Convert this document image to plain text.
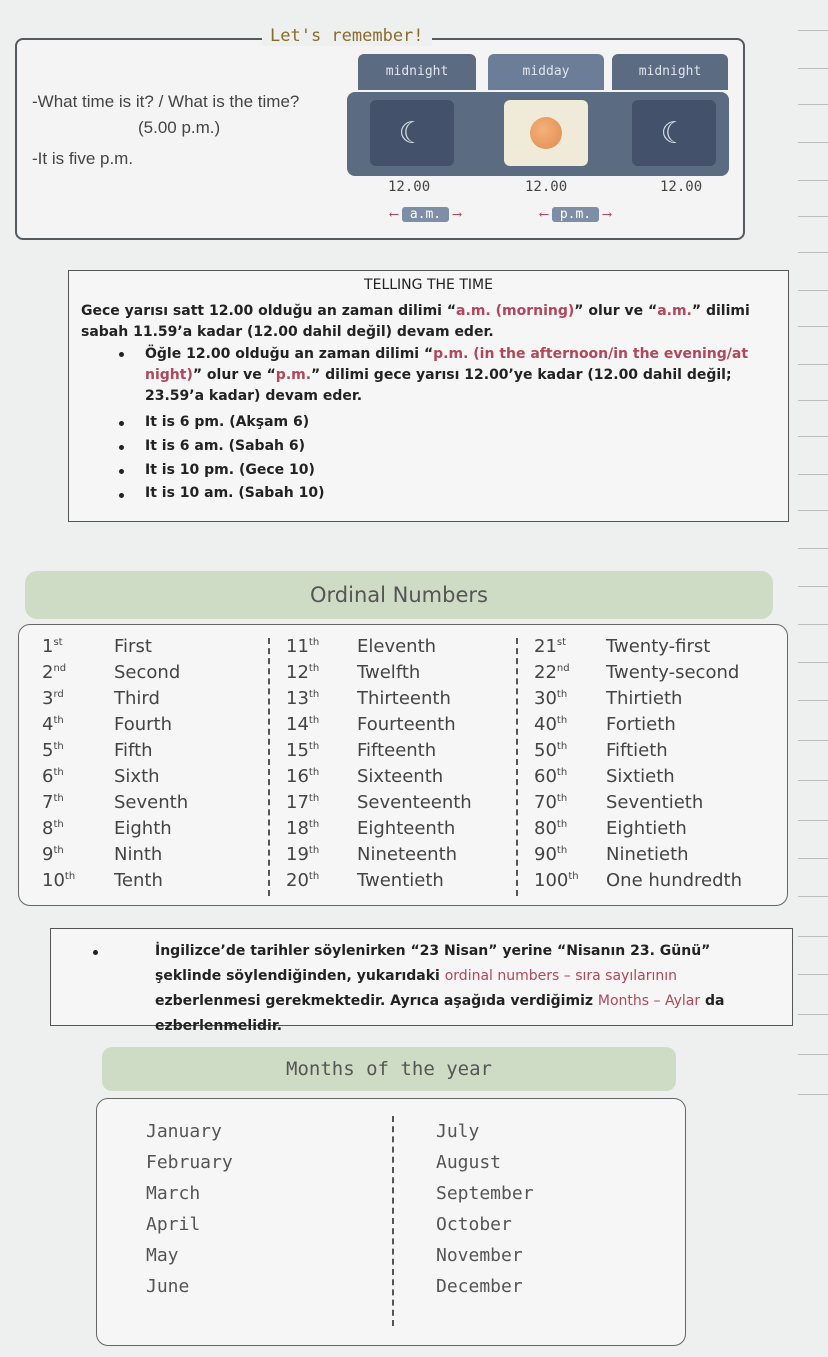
Let's remember!
-What time is it? / What is the time?
(5.00 p.m.)
-It is five p.m.
midnight	midday	midnight
☾	☾
12.00	12.00	12.00
⟵ a.m. ⟶	⟵ p.m. ⟶
TELLING THE TIME

Gece yarısı satt 12.00 olduğu an zaman dilimi “a.m. (morning)” olur ve “a.m.” dilimi sabah 11.59’a kadar (12.00 dahil değil) devam eder.

Öğle 12.00 olduğu an zaman dilimi “p.m. (in the afternoon/in the evening/at night)” olur ve “p.m.” dilimi gece yarısı 12.00’ye kadar (12.00 dahil değil; 23.59’a kadar) devam eder.

It is 6 pm. (Akşam 6)

It is 6 am. (Sabah 6)

It is 10 pm. (Gece 10)

It is 10 am. (Sabah 10)

Ordinal Numbers
1st	First
2nd	Second
3rd	Third
4th	Fourth
5th	Fifth
6th	Sixth
7th	Seventh
8th	Eighth
9th	Ninth
10th Tenth
11th Eleventh
12th Twelfth
13th Thirteenth
14th Fourteenth
15th Fifteenth
16th Sixteenth
17th Seventeenth
18th Eighteenth
19th Nineteenth
20th Twentieth
21st Twenty-first
22nd Twenty-second
30th Thirtieth
40th Fortieth
50th Fiftieth
60th Sixtieth
70th Seventieth
80th Eightieth
90th Ninetieth
100th One hundredth

İngilizce’de tarihler söylenirken “23 Nisan” yerine “Nisanın 23. Günü” şeklinde söylendiğinden, yukarıdaki ordinal numbers – sıra sayılarının ezberlenmesi gerekmektedir. Ayrıca aşağıda verdiğimiz Months – Aylar da ezberlenmelidir.

Months of the year
January
February
March
April
May
June
July
August
September
October
November
December
